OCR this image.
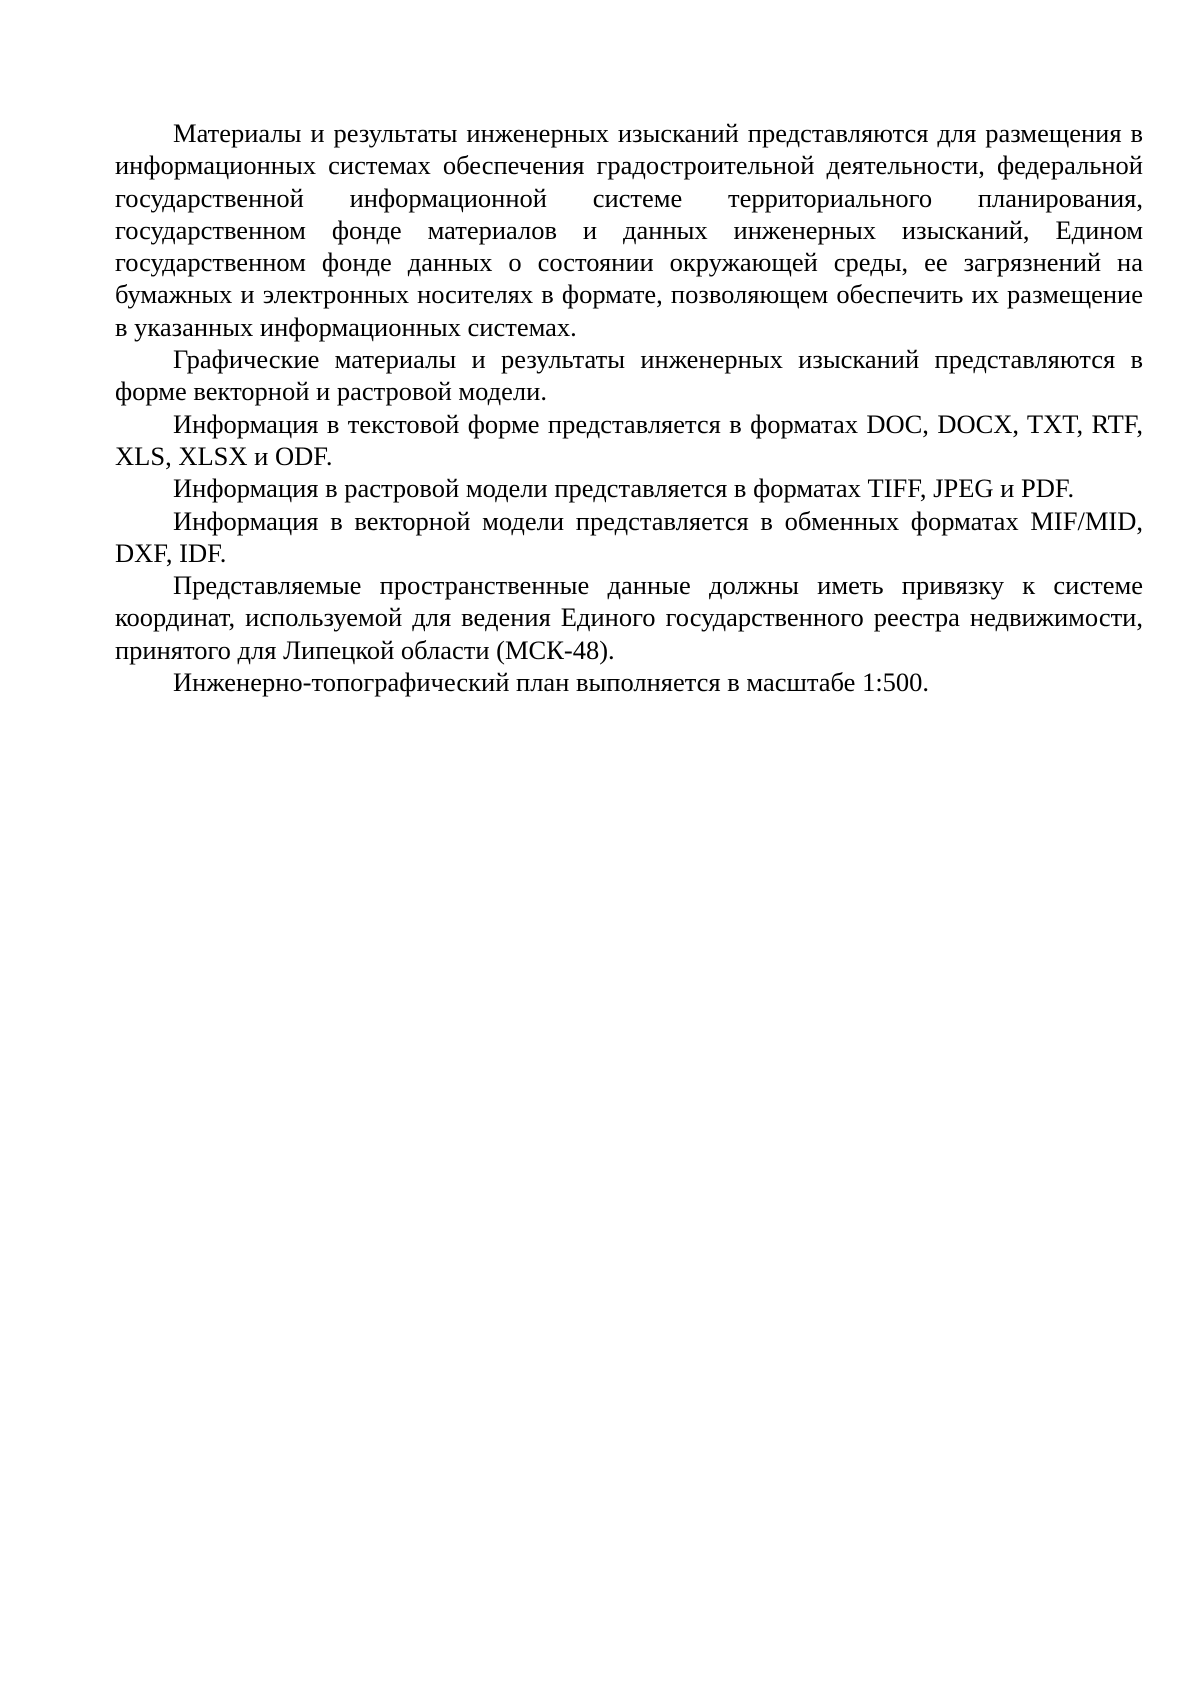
Материалы и результаты инженерных изысканий представляются для размещения в информационных системах обеспечения градостроительной деятельности, федеральной государственной информационной системе территориального планирования, государственном фонде материалов и данных инженерных изысканий, Едином государственном фонде данных о состоянии окружающей среды, ее загрязнений на бумажных и электронных носителях в формате, позволяющем обеспечить их размещение в указанных информационных системах.

Графические материалы и результаты инженерных изысканий представляются в форме векторной и растровой модели.

Информация в текстовой форме представляется в форматах DOC, DOCX, TXT, RTF, XLS, XLSX и ODF.

Информация в растровой модели представляется в форматах TIFF, JPEG и PDF.

Информация в векторной модели представляется в обменных форматах MIF/MID, DXF, IDF.

Представляемые пространственные данные должны иметь привязку к системе координат, используемой для ведения Единого государственного реестра недвижимости, принятого для Липецкой области (МСК-48).

Инженерно-топографический план выполняется в масштабе 1:500.
